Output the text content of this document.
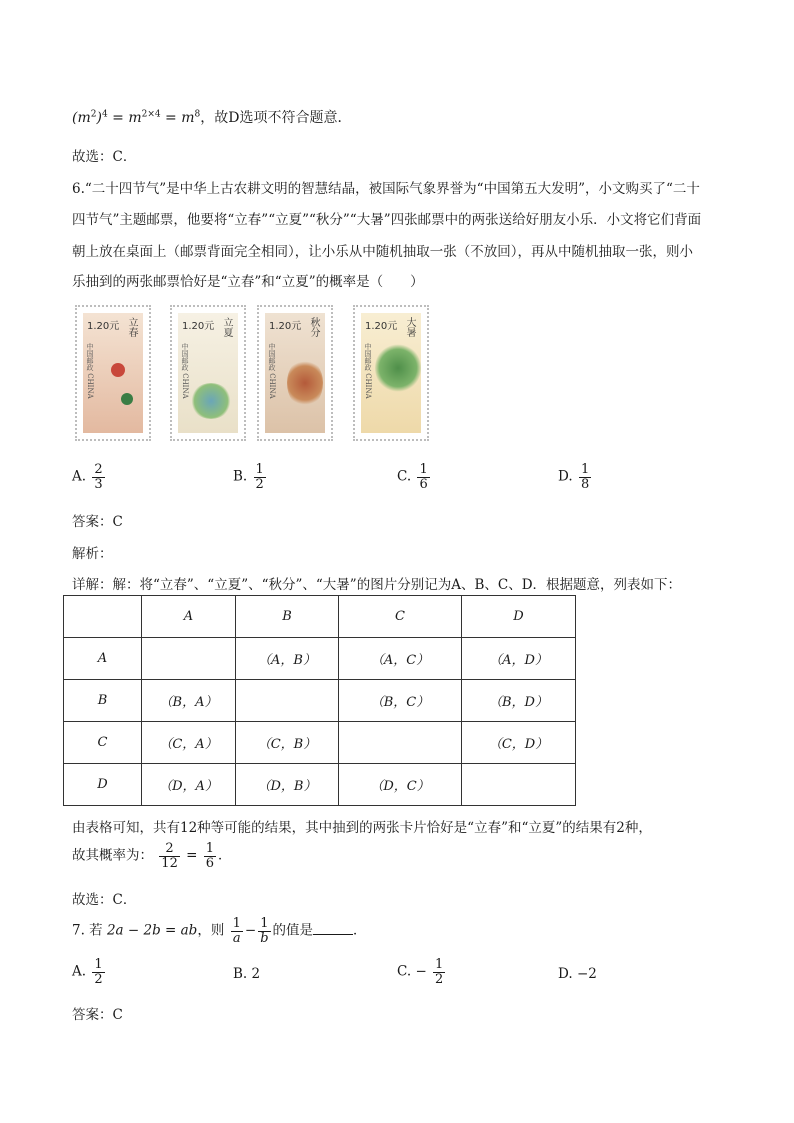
$(m^2)^4 = m^{2\times 4} = m^8$，故D选项不符合题意．
故选：C．
6.“二十四节气”是中华上古农耕文明的智慧结晶，被国际气象界誉为“中国第五大发明”，小文购买了“二十
四节气”主题邮票，他要将“立春”“立夏”“秋分”“大暑”四张邮票中的两张送给好朋友小乐．小文将它们背面
朝上放在桌面上（邮票背面完全相同），让小乐从中随机抽取一张（不放回），再从中随机抽取一张，则小
乐抽到的两张邮票恰好是“立春”和“立夏”的概率是（　　）
1.20元 立春
中国邮政 CHINA
1.20元 立夏
中国邮政 CHINA
1.20元 秋分
中国邮政 CHINA
1.20元 大暑
中国邮政 CHINA
A. $\frac{2}{3}$	B. $\frac{1}{2}$	C. $\frac{1}{6}$	D. $\frac{1}{8}$
答案：C
解析：
详解：解：将“立春”、“立夏”、“秋分”、“大暑”的图片分别记为A、B、C、D．根据题意，列表如下：
	A	B	C	D
A		（A，B）	（A，C）	（A，D）
B	（B，A）		（B，C）	（B，D）
C	（C，A）	（C，B）		（C，D）
D	（D，A）	（D，B）	（D，C）	
由表格可知，共有12种等可能的结果，其中抽到的两张卡片恰好是“立春”和“立夏”的结果有2种，
故其概率为： $\frac{2}{12} = \frac{1}{6}$ ．
故选：C．
7. 若 2a − 2b = ab，则 $\frac{1}{a} - \frac{1}{b}$ 的值是	．
A. $\frac{1}{2}$	B. 2	C. − $\frac{1}{2}$	D. −2
答案：C
